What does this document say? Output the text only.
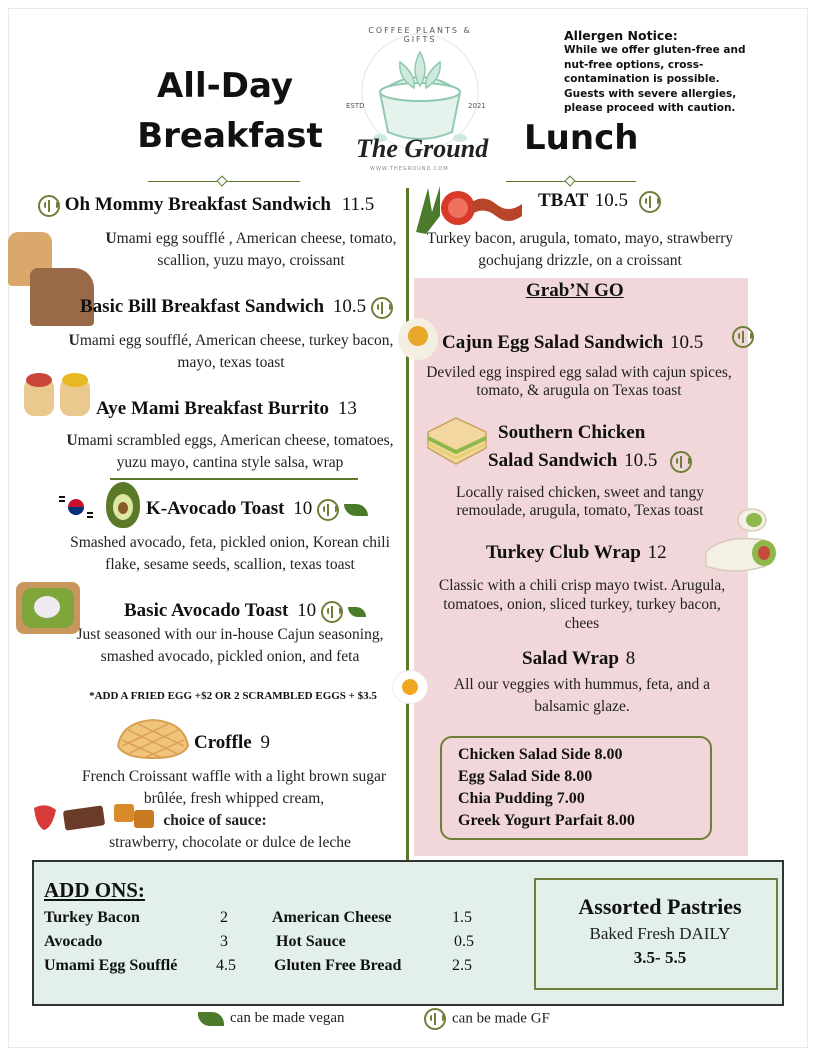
All-Day
Breakfast	Lunch
COFFEE PLANTS & GIFTS
ESTD	2021
The Ground
WWW.THEGROUND.COM
Allergen Notice:
While we offer gluten-free and nut-free options, cross-contamination is possible. Guests with severe allergies, please proceed with caution.
Oh Mommy Breakfast Sandwich 11.5
Umami egg soufflé , American cheese, tomato, scallion, yuzu mayo, croissant
Basic Bill Breakfast Sandwich 10.5
Umami egg soufflé, American cheese, turkey bacon, mayo, texas toast
Aye Mami Breakfast Burrito 13
Umami scrambled eggs, American cheese, tomatoes, yuzu mayo, cantina style salsa, wrap
K-Avocado Toast 10
Smashed avocado, feta, pickled onion, Korean chili flake, sesame seeds, scallion, texas toast
Basic Avocado Toast 10
Just seasoned with our in-house Cajun seasoning, smashed avocado, pickled onion, and feta
*ADD A FRIED EGG +$2 OR 2 SCRAMBLED EGGS + $3.5
Croffle 9
French Croissant waffle with a light brown sugar brûlée, fresh whipped cream,
choice of sauce:
strawberry, chocolate or dulce de leche
TBAT 10.5
Turkey bacon, arugula, tomato, mayo, strawberry gochujang drizzle, on a croissant
Grab’N GO
Cajun Egg Salad Sandwich 10.5
Deviled egg inspired egg salad with cajun spices, tomato, & arugula on Texas toast
Southern Chicken
Salad Sandwich 10.5
Locally raised chicken, sweet and tangy remoulade, arugula, tomato, Texas toast
Turkey Club Wrap 12
Classic with a chili crisp mayo twist. Arugula, tomatoes, onion, sliced turkey, turkey bacon, chees
Salad Wrap 8
All our veggies with hummus, feta, and a balsamic glaze.
Chicken Salad Side 8.00
Egg Salad Side 8.00
Chia Pudding 7.00
Greek Yogurt Parfait 8.00
ADD ONS:
Turkey Bacon	2
Avocado	3
Umami Egg Soufflé 4.5
American Cheese	1.5
Hot Sauce	0.5
Gluten Free Bread	2.5
Assorted Pastries
Baked Fresh DAILY
3.5- 5.5
can be made vegan	can be made GF
